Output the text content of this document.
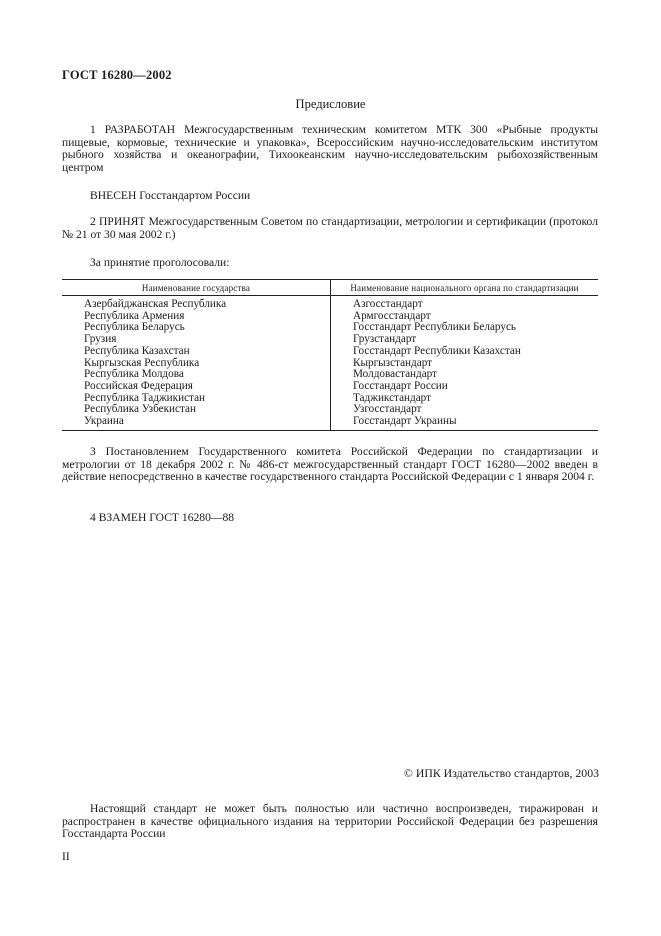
ГОСТ 16280—2002
Предисловие
1 РАЗРАБОТАН Межгосударственным техническим комитетом МТК 300 «Рыбные продукты пищевые, кормовые, технические и упаковка», Всероссийским научно-исследовательским институтом рыбного хозяйства и океанографии, Тихоокеанским научно-исследовательским рыбохозяйственным центром
ВНЕСЕН Госстандартом России
2 ПРИНЯТ Межгосударственным Советом по стандартизации, метрологии и сертификации (протокол № 21 от 30 мая 2002 г.)
За принятие проголосовали:
Наименование государства	Наименование национального органа по стандартизации
Азербайджанская Республика	Азгосстандарт
Республика Армения	Армгосстандарт
Республика Беларусь	Госстандарт Республики Беларусь
Грузия	Грузстандарт
Республика Казахстан	Госстандарт Республики Казахстан
Кыргызская Республика	Кыргызстандарт
Республика Молдова	Молдовастандарт
Российская Федерация	Госстандарт России
Республика Таджикистан	Таджикстандарт
Республика Узбекистан	Узгосстандарт
Украина	Госстандарт Украины
3 Постановлением Государственного комитета Российской Федерации по стандартизации и метрологии от 18 декабря 2002 г. № 486-ст межгосударственный стандарт ГОСТ 16280—2002 введен в действие непосредственно в качестве государственного стандарта Российской Федерации с 1 января 2004 г.
4 ВЗАМЕН ГОСТ 16280—88
© ИПК Издательство стандартов, 2003
Настоящий стандарт не может быть полностью или частично воспроизведен, тиражирован и распространен в качестве официального издания на территории Российской Федерации без разрешения Госстандарта России
II
